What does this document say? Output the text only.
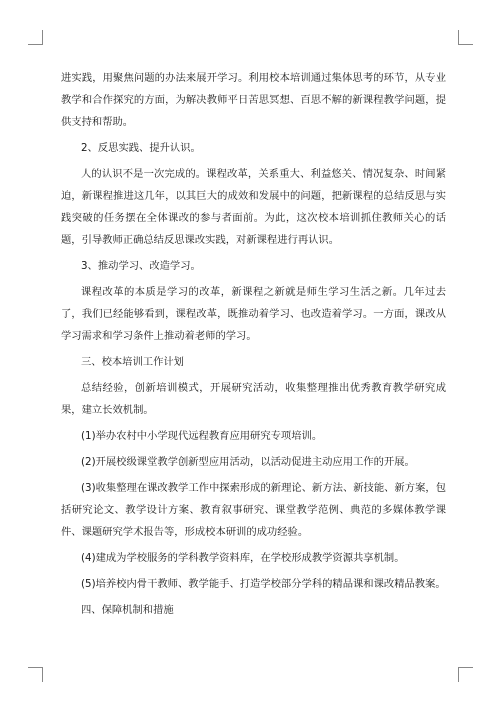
进实践，用聚焦问题的办法来展开学习。利用校本培训通过集体思考的环节，从专业教学和合作探究的方面，为解决教师平日苦思冥想、百思不解的新课程教学问题，提供支持和帮助。

2、反思实践、提升认识。

人的认识不是一次完成的。课程改革，关系重大、利益悠关、情况复杂、时间紧迫，新课程推进这几年，以其巨大的成效和发展中的问题，把新课程的总结反思与实践突破的任务摆在全体课改的参与者面前。为此，这次校本培训抓住教师关心的话题，引导教师正确总结反思课改实践，对新课程进行再认识。

3、推动学习、改造学习。

课程改革的本质是学习的改革，新课程之新就是师生学习生活之新。几年过去了，我们已经能够看到，课程改革，既推动着学习、也改造着学习。一方面，课改从学习需求和学习条件上推动着老师的学习。

三、校本培训工作计划

总结经验，创新培训模式，开展研究活动，收集整理推出优秀教育教学研究成果，建立长效机制。

(1)举办农村中小学现代远程教育应用研究专项培训。

(2)开展校级课堂教学创新型应用活动，以活动促进主动应用工作的开展。

(3)收集整理在课改教学工作中探索形成的新理论、新方法、新技能、新方案，包括研究论文、教学设计方案、教育叙事研究、课堂教学范例、典范的多媒体教学课件、课题研究学术报告等，形成校本研训的成功经验。

(4)建成为学校服务的学科教学资料库，在学校形成教学资源共享机制。

(5)培养校内骨干教师、教学能手、打造学校部分学科的精品课和课改精品教案。

四、保障机制和措施
